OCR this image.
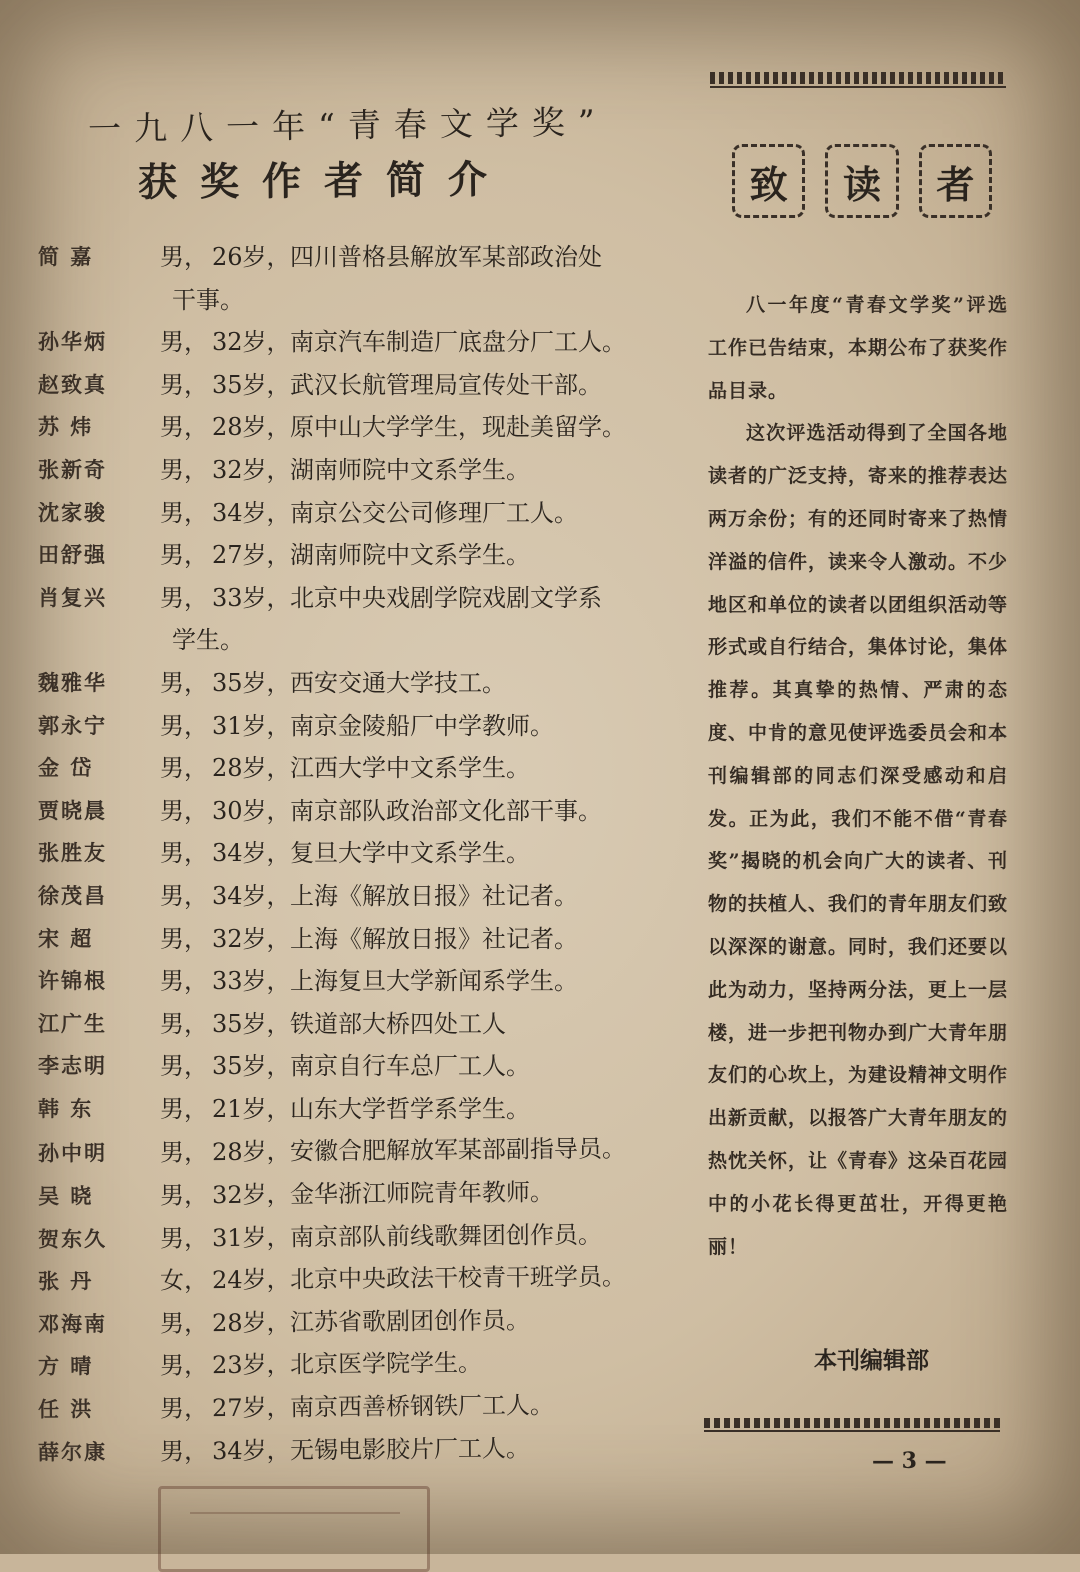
一九八一年“青春文学奖”
获奖作者简介
简 嘉	男， 26岁，四川普格县解放军某部政治处
干事。
孙华炳	男， 32岁，南京汽车制造厂底盘分厂工人。
赵致真	男， 35岁，武汉长航管理局宣传处干部。
苏 炜	男， 28岁，原中山大学学生，现赴美留学。
张新奇	男， 32岁，湖南师院中文系学生。
沈家骏	男， 34岁，南京公交公司修理厂工人。
田舒强	男， 27岁，湖南师院中文系学生。
肖复兴	男， 33岁，北京中央戏剧学院戏剧文学系
学生。
魏雅华	男， 35岁，西安交通大学技工。
郭永宁	男， 31岁，南京金陵船厂中学教师。
金 岱	男， 28岁，江西大学中文系学生。
贾晓晨	男， 30岁，南京部队政治部文化部干事。
张胜友	男， 34岁，复旦大学中文系学生。
徐茂昌	男， 34岁，上海《解放日报》社记者。
宋 超	男， 32岁，上海《解放日报》社记者。
许锦根	男， 33岁，上海复旦大学新闻系学生。
江广生	男， 35岁，铁道部大桥四处工人
李志明	男， 35岁，南京自行车总厂工人。
韩 东	男， 21岁，山东大学哲学系学生。
孙中明	男， 28岁，安徽合肥解放军某部副指导员。
吴 晓	男， 32岁，金华浙江师院青年教师。
贺东久	男， 31岁，南京部队前线歌舞团创作员。
张 丹	女， 24岁，北京中央政法干校青干班学员。
邓海南	男， 28岁，江苏省歌剧团创作员。
方 晴	男， 23岁，北京医学院学生。
任 洪	男， 27岁，南京西善桥钢铁厂工人。
薛尔康	男， 34岁，无锡电影胶片厂工人。
致	读	者

八一年度“青春文学奖”评选工作已告结束，本期公布了获奖作品目录。

这次评选活动得到了全国各地读者的广泛支持，寄来的推荐表达两万余份；有的还同时寄来了热情洋溢的信件，读来令人激动。不少地区和单位的读者以团组织活动等形式或自行结合，集体讨论，集体推荐。其真挚的热情、严肃的态度、中肯的意见使评选委员会和本刊编辑部的同志们深受感动和启发。正为此，我们不能不借“青春奖”揭晓的机会向广大的读者、刊物的扶植人、我们的青年朋友们致以深深的谢意。同时，我们还要以此为动力，坚持两分法，更上一层楼，进一步把刊物办到广大青年朋友们的心坎上，为建设精神文明作出新贡献，以报答广大青年朋友的热忱关怀，让《青春》这朵百花园中的小花长得更茁壮，开得更艳丽！

本刊编辑部
— 3 —
